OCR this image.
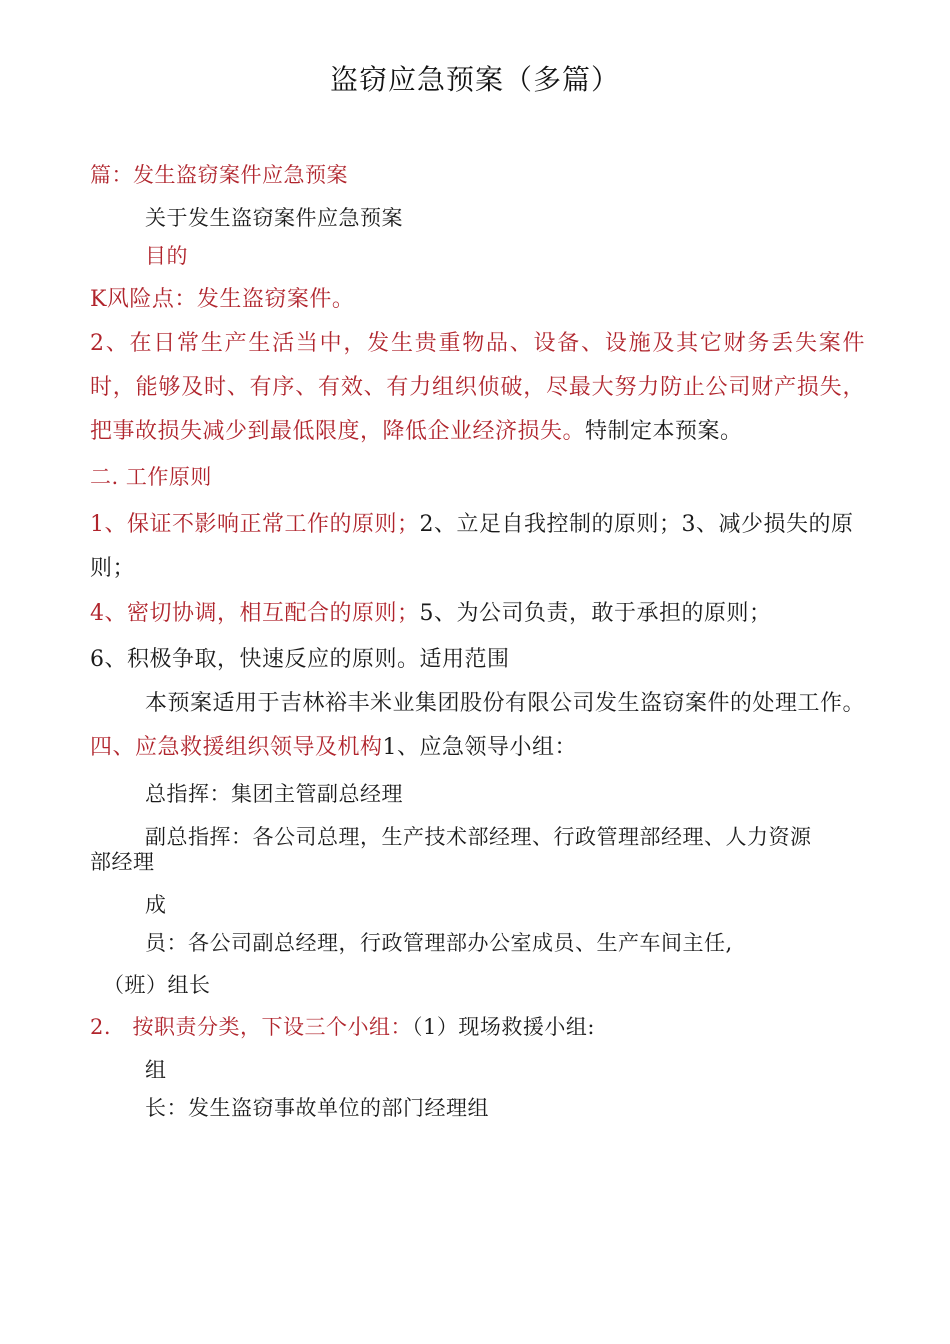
盗窃应急预案（多篇）
篇：发生盗窃案件应急预案
关于发生盗窃案件应急预案
目的
K风险点：发生盗窃案件。
2、在日常生产生活当中，发生贵重物品、设备、设施及其它财务丢失案件时，能够及时、有序、有效、有力组织侦破，尽最大努力防止公司财产损失，把事故损失减少到最低限度，降低企业经济损失。特制定本预案。
二. 工作原则
1、保证不影响正常工作的原则；2、立足自我控制的原则；3、减少损失的原
则；
4、密切协调，相互配合的原则；5、为公司负责，敢于承担的原则；
6、积极争取，快速反应的原则。适用范围
本预案适用于吉林裕丰米业集团股份有限公司发生盗窃案件的处理工作。
四、应急救援组织领导及机构1、应急领导小组：
总指挥：集团主管副总经理
副总指挥：各公司总理，生产技术部经理、行政管理部经理、人力资源
部经理
成
员：各公司副总经理，行政管理部办公室成员、生产车间主任,
（班）组长
2.　按职责分类，下设三个小组：（1）现场救援小组:
组
长：发生盗窃事故单位的部门经理组
